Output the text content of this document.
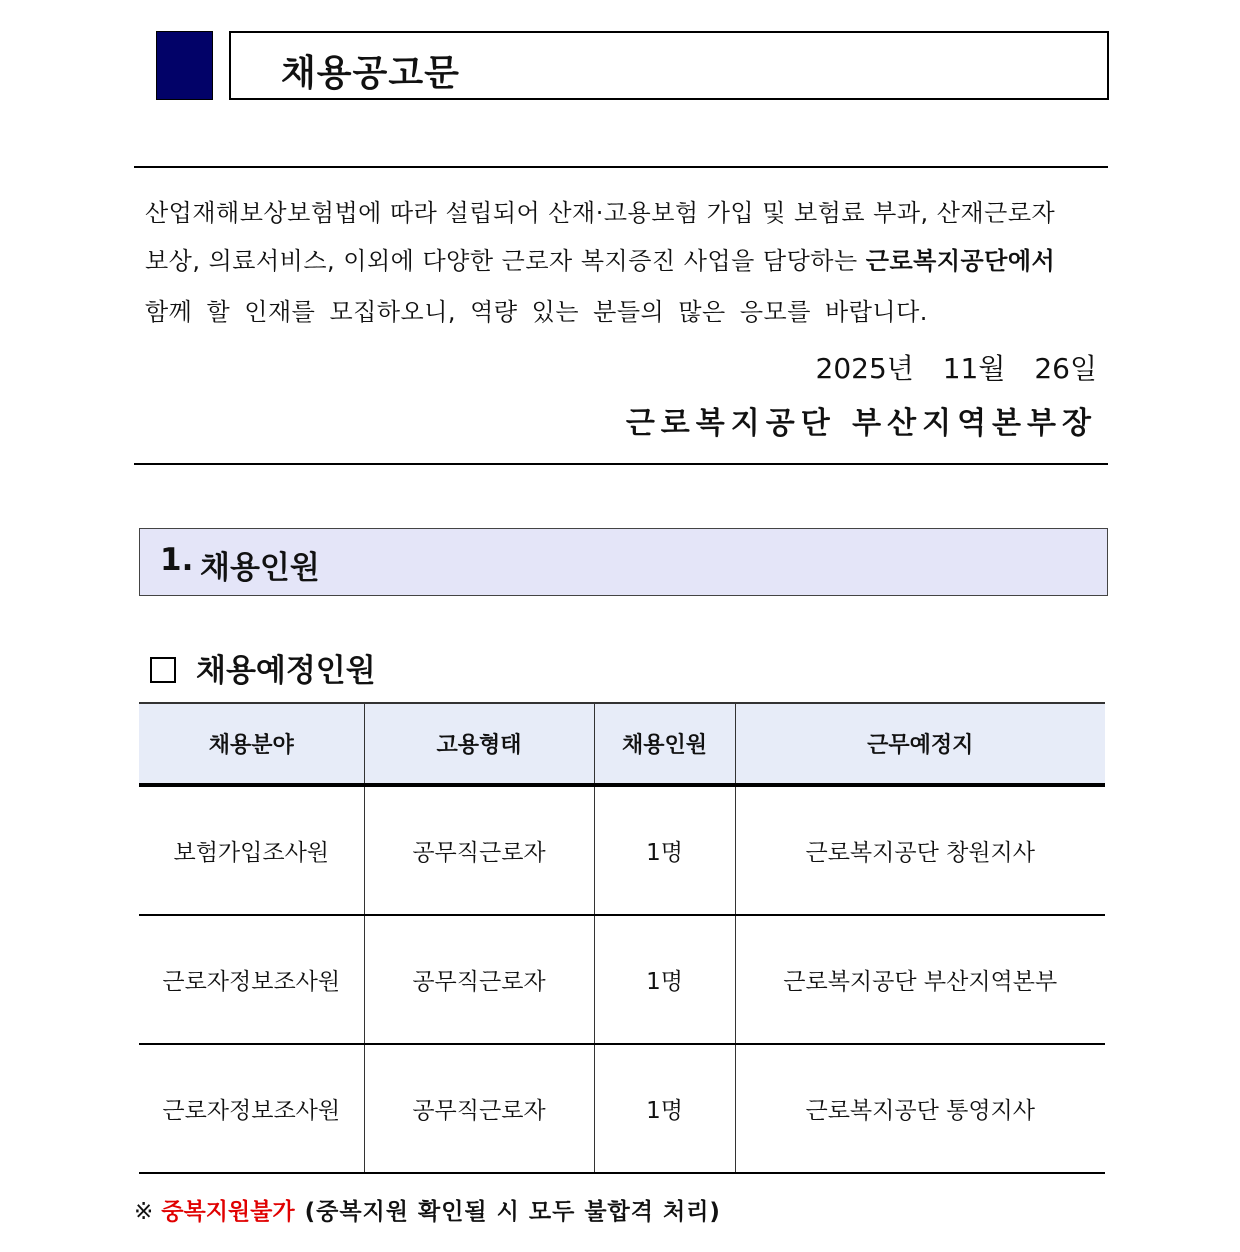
채용공고문
산업재해보상보험법에 따라 설립되어 산재·고용보험 가입 및 보험료 부과, 산재근로자
보상, 의료서비스, 이외에 다양한 근로자 복지증진 사업을 담당하는 근로복지공단에서
함께 할 인재를 모집하오니, 역량 있는 분들의 많은 응모를 바랍니다.
2025년 11월 26일
근로복지공단 부산지역본부장
1. 채용인원
채용예정인원
채용분야	고용형태	채용인원	근무예정지
보험가입조사원	공무직근로자	1명	근로복지공단 창원지사
근로자정보조사원	공무직근로자	1명	근로복지공단 부산지역본부
근로자정보조사원	공무직근로자	1명	근로복지공단 통영지사
※ 중복지원불가 (중복지원 확인될 시 모두 불합격 처리)
